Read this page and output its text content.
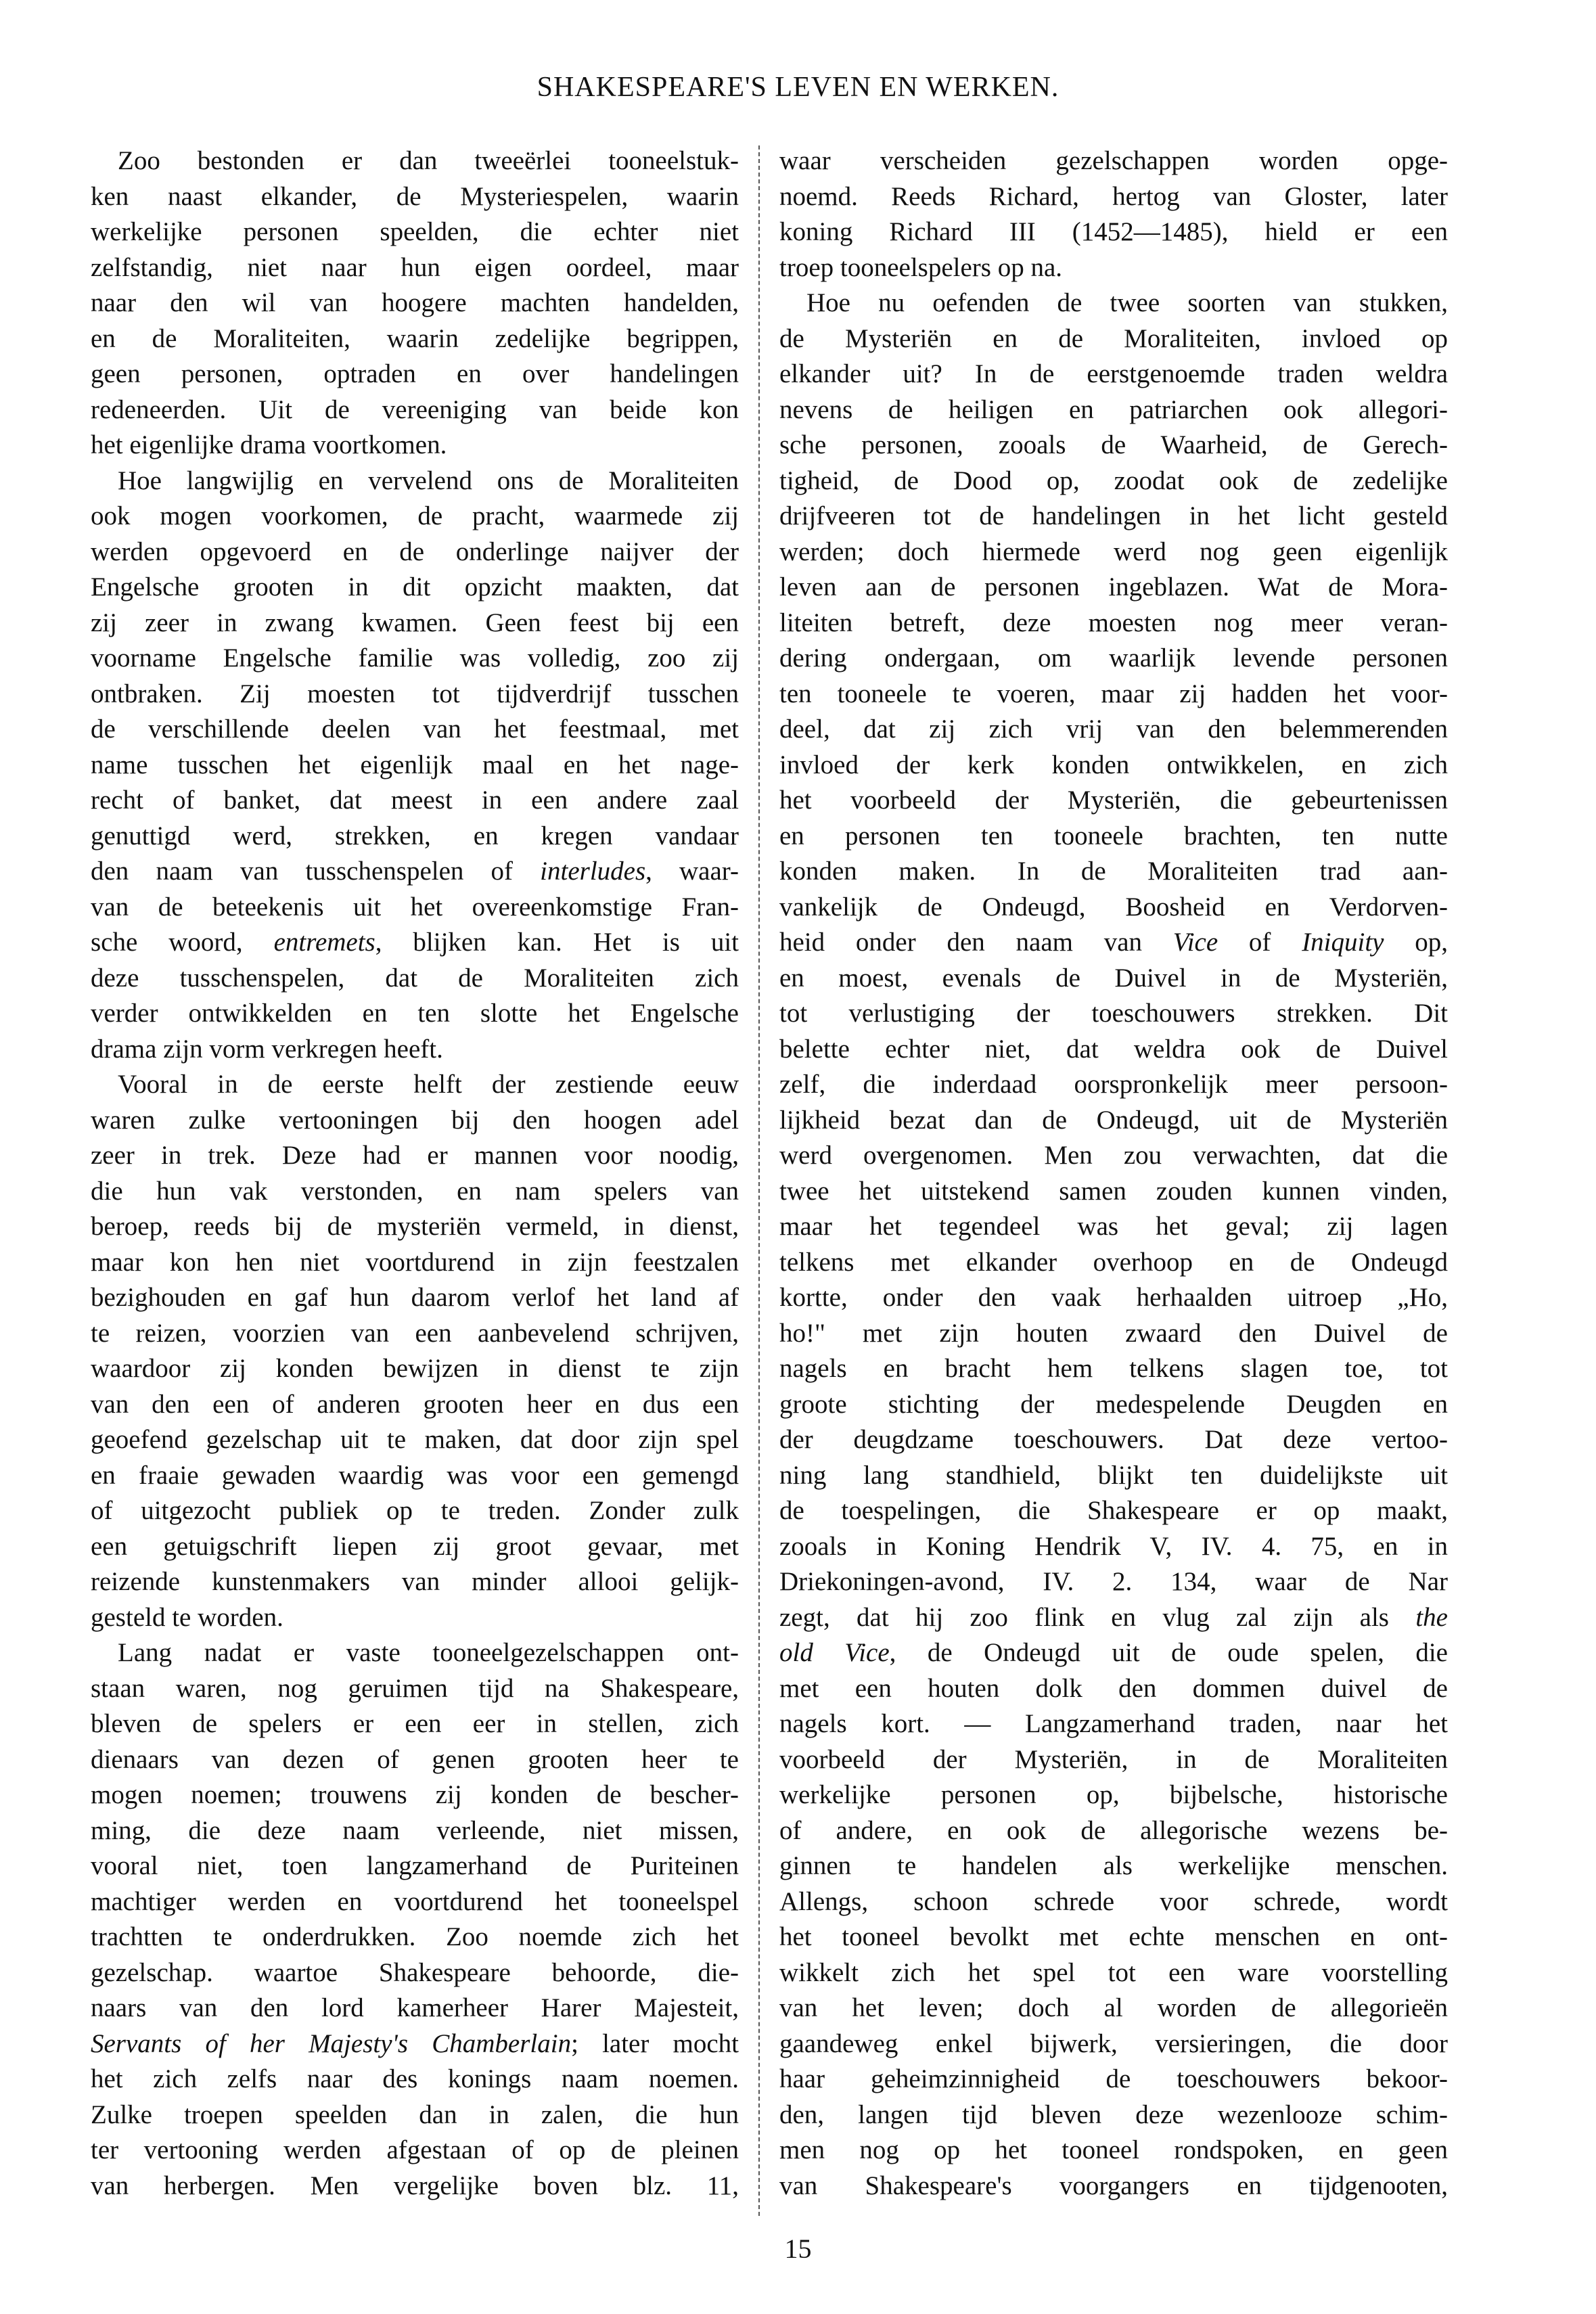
SHAKESPEARE'S LEVEN EN WERKEN.
Zoo bestonden er dan tweeërlei tooneelstuk-
ken naast elkander, de Mysteriespelen, waarin
werkelijke personen speelden, die echter niet
zelfstandig, niet naar hun eigen oordeel, maar
naar den wil van hoogere machten handelden,
en de Moraliteiten, waarin zedelijke begrippen,
geen personen, optraden en over handelingen
redeneerden. Uit de vereeniging van beide kon
het eigenlijke drama voortkomen.
Hoe langwijlig en vervelend ons de Moraliteiten
ook mogen voorkomen, de pracht, waarmede zij
werden opgevoerd en de onderlinge naijver der
Engelsche grooten in dit opzicht maakten, dat
zij zeer in zwang kwamen. Geen feest bij een
voorname Engelsche familie was volledig, zoo zij
ontbraken. Zij moesten tot tijdverdrijf tusschen
de verschillende deelen van het feestmaal, met
name tusschen het eigenlijk maal en het nage-
recht of banket, dat meest in een andere zaal
genuttigd werd, strekken, en kregen vandaar
den naam van tusschenspelen of interludes, waar-
van de beteekenis uit het overeenkomstige Fran-
sche woord, entremets, blijken kan. Het is uit
deze tusschenspelen, dat de Moraliteiten zich
verder ontwikkelden en ten slotte het Engelsche
drama zijn vorm verkregen heeft.
Vooral in de eerste helft der zestiende eeuw
waren zulke vertooningen bij den hoogen adel
zeer in trek. Deze had er mannen voor noodig,
die hun vak verstonden, en nam spelers van
beroep, reeds bij de mysteriën vermeld, in dienst,
maar kon hen niet voortdurend in zijn feestzalen
bezighouden en gaf hun daarom verlof het land af
te reizen, voorzien van een aanbevelend schrijven,
waardoor zij konden bewijzen in dienst te zijn
van den een of anderen grooten heer en dus een
geoefend gezelschap uit te maken, dat door zijn spel
en fraaie gewaden waardig was voor een gemengd
of uitgezocht publiek op te treden. Zonder zulk
een getuigschrift liepen zij groot gevaar, met
reizende kunstenmakers van minder allooi gelijk-
gesteld te worden.
Lang nadat er vaste tooneelgezelschappen ont-
staan waren, nog geruimen tijd na Shakespeare,
bleven de spelers er een eer in stellen, zich
dienaars van dezen of genen grooten heer te
mogen noemen; trouwens zij konden de bescher-
ming, die deze naam verleende, niet missen,
vooral niet, toen langzamerhand de Puriteinen
machtiger werden en voortdurend het tooneelspel
trachtten te onderdrukken. Zoo noemde zich het
gezelschap. waartoe Shakespeare behoorde, die-
naars van den lord kamerheer Harer Majesteit,
Servants of her Majesty's Chamberlain; later mocht
het zich zelfs naar des konings naam noemen.
Zulke troepen speelden dan in zalen, die hun
ter vertooning werden afgestaan of op de pleinen
van herbergen. Men vergelijke boven blz. 11,
waar verscheiden gezelschappen worden opge-
noemd. Reeds Richard, hertog van Gloster, later
koning Richard III (1452—1485), hield er een
troep tooneelspelers op na.
Hoe nu oefenden de twee soorten van stukken,
de Mysteriën en de Moraliteiten, invloed op
elkander uit? In de eerstgenoemde traden weldra
nevens de heiligen en patriarchen ook allegori-
sche personen, zooals de Waarheid, de Gerech-
tigheid, de Dood op, zoodat ook de zedelijke
drijfveeren tot de handelingen in het licht gesteld
werden; doch hiermede werd nog geen eigenlijk
leven aan de personen ingeblazen. Wat de Mora-
liteiten betreft, deze moesten nog meer veran-
dering ondergaan, om waarlijk levende personen
ten tooneele te voeren, maar zij hadden het voor-
deel, dat zij zich vrij van den belemmerenden
invloed der kerk konden ontwikkelen, en zich
het voorbeeld der Mysteriën, die gebeurtenissen
en personen ten tooneele brachten, ten nutte
konden maken. In de Moraliteiten trad aan-
vankelijk de Ondeugd, Boosheid en Verdorven-
heid onder den naam van Vice of Iniquity op,
en moest, evenals de Duivel in de Mysteriën,
tot verlustiging der toeschouwers strekken. Dit
belette echter niet, dat weldra ook de Duivel
zelf, die inderdaad oorspronkelijk meer persoon-
lijkheid bezat dan de Ondeugd, uit de Mysteriën
werd overgenomen. Men zou verwachten, dat die
twee het uitstekend samen zouden kunnen vinden,
maar het tegendeel was het geval; zij lagen
telkens met elkander overhoop en de Ondeugd
kortte, onder den vaak herhaalden uitroep „Ho,
ho!" met zijn houten zwaard den Duivel de
nagels en bracht hem telkens slagen toe, tot
groote stichting der medespelende Deugden en
der deugdzame toeschouwers. Dat deze vertoo-
ning lang standhield, blijkt ten duidelijkste uit
de toespelingen, die Shakespeare er op maakt,
zooals in Koning Hendrik V, IV. 4. 75, en in
Driekoningen-avond, IV. 2. 134, waar de Nar
zegt, dat hij zoo flink en vlug zal zijn als the
old Vice, de Ondeugd uit de oude spelen, die
met een houten dolk den dommen duivel de
nagels kort. — Langzamerhand traden, naar het
voorbeeld der Mysteriën, in de Moraliteiten
werkelijke personen op, bijbelsche, historische
of andere, en ook de allegorische wezens be-
ginnen te handelen als werkelijke menschen.
Allengs, schoon schrede voor schrede, wordt
het tooneel bevolkt met echte menschen en ont-
wikkelt zich het spel tot een ware voorstelling
van het leven; doch al worden de allegorieën
gaandeweg enkel bijwerk, versieringen, die door
haar geheimzinnigheid de toeschouwers bekoor-
den, langen tijd bleven deze wezenlooze schim-
men nog op het tooneel rondspoken, en geen
van Shakespeare's voorgangers en tijdgenooten,
15
